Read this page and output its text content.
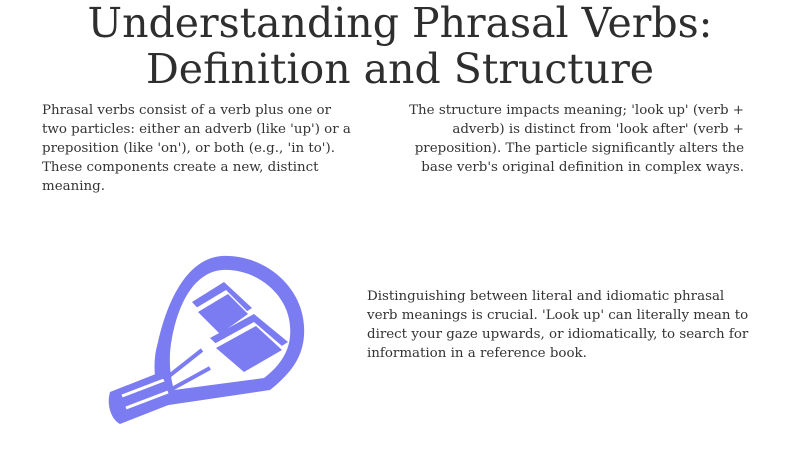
Understanding Phrasal Verbs:
Definition and Structure

Phrasal verbs consist of a verb plus one or two particles: either an adverb (like 'up') or a preposition (like 'on'), or both (e.g., 'in to'). These components create a new, distinct meaning.

The structure impacts meaning; 'look up' (verb + adverb) is distinct from 'look after' (verb + preposition). The particle significantly alters the base verb's original definition in complex ways.

Distinguishing between literal and idiomatic phrasal verb meanings is crucial. 'Look up' can literally mean to direct your gaze upwards, or idiomatically, to search for information in a reference book.
